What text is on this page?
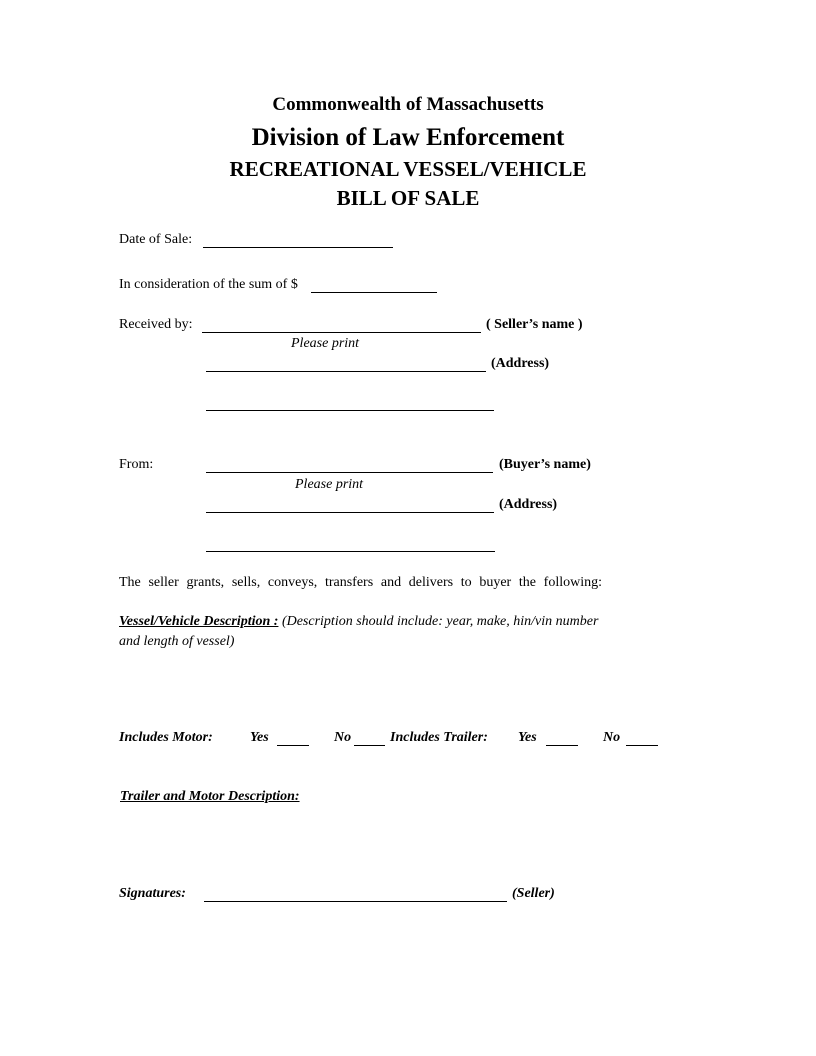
Commonwealth of Massachusetts
Division of Law Enforcement
RECREATIONAL VESSEL/VEHICLE
BILL OF SALE
Date of Sale:
In consideration of the sum of $
Received by:	( Seller’s name )
Please print
(Address)
From:	(Buyer’s name)
Please print
(Address)
The seller grants, sells, conveys, transfers and delivers to buyer the following:
Vessel/Vehicle Description : (Description should include: year, make, hin/vin number
and length of vessel)
Includes Motor:	Yes	No	Includes Trailer: Yes	No
Trailer and Motor Description:
Signatures:	(Seller)
